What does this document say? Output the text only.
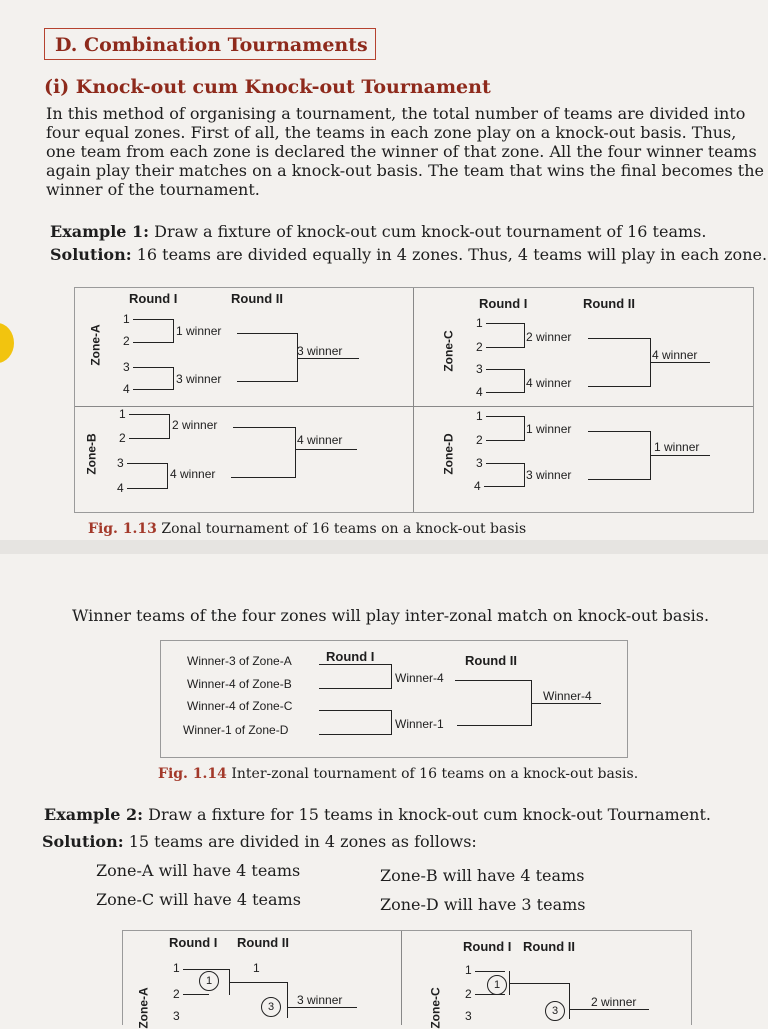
D. Combination Tournaments
(i) Knock-out cum Knock-out Tournament
In this method of organising a tournament, the total number of teams are divided into four equal zones. First of all, the teams in each zone play on a knock-out basis. Thus, one team from each zone is declared the winner of that zone. All the four winner teams again play their matches on a knock-out basis. The team that wins the final becomes the winner of the tournament.
Example 1: Draw a fixture of knock-out cum knock-out tournament of 16 teams.
Solution: 16 teams are divided equally in 4 zones. Thus, 4 teams will play in each zone.
Round I	Round II	Round I	Round II
Zone-A
1
2
3
4
1 winner
3 winner
3 winner	Zone-C
1
2
3
4
2 winner
4 winner
4 winner
Zone-B
1
2
3
4
2 winner
4 winner
4 winner	Zone-D
1
2
3
4
1 winner
3 winner
1 winner
Fig. 1.13 Zonal tournament of 16 teams on a knock-out basis
Winner teams of the four zones will play inter-zonal match on knock-out basis.
Round I	Round II
Winner-3 of Zone-A
Winner-4 of Zone-B
Winner-4 of Zone-C
Winner-1 of Zone-D
Winner-4
Winner-1
Winner-4
Fig. 1.14 Inter-zonal tournament of 16 teams on a knock-out basis.
Example 2: Draw a fixture for 15 teams in knock-out cum knock-out Tournament.
Solution: 15 teams are divided in 4 zones as follows:
Zone-A will have 4 teams	Zone-B will have 4 teams
Zone-C will have 4 teams	Zone-D will have 3 teams
Round I Round II
Zone-A
1
2
3
1
1
3	3 winner
Round I Round II
Zone-C
1
2
3
1
3
2 winner
